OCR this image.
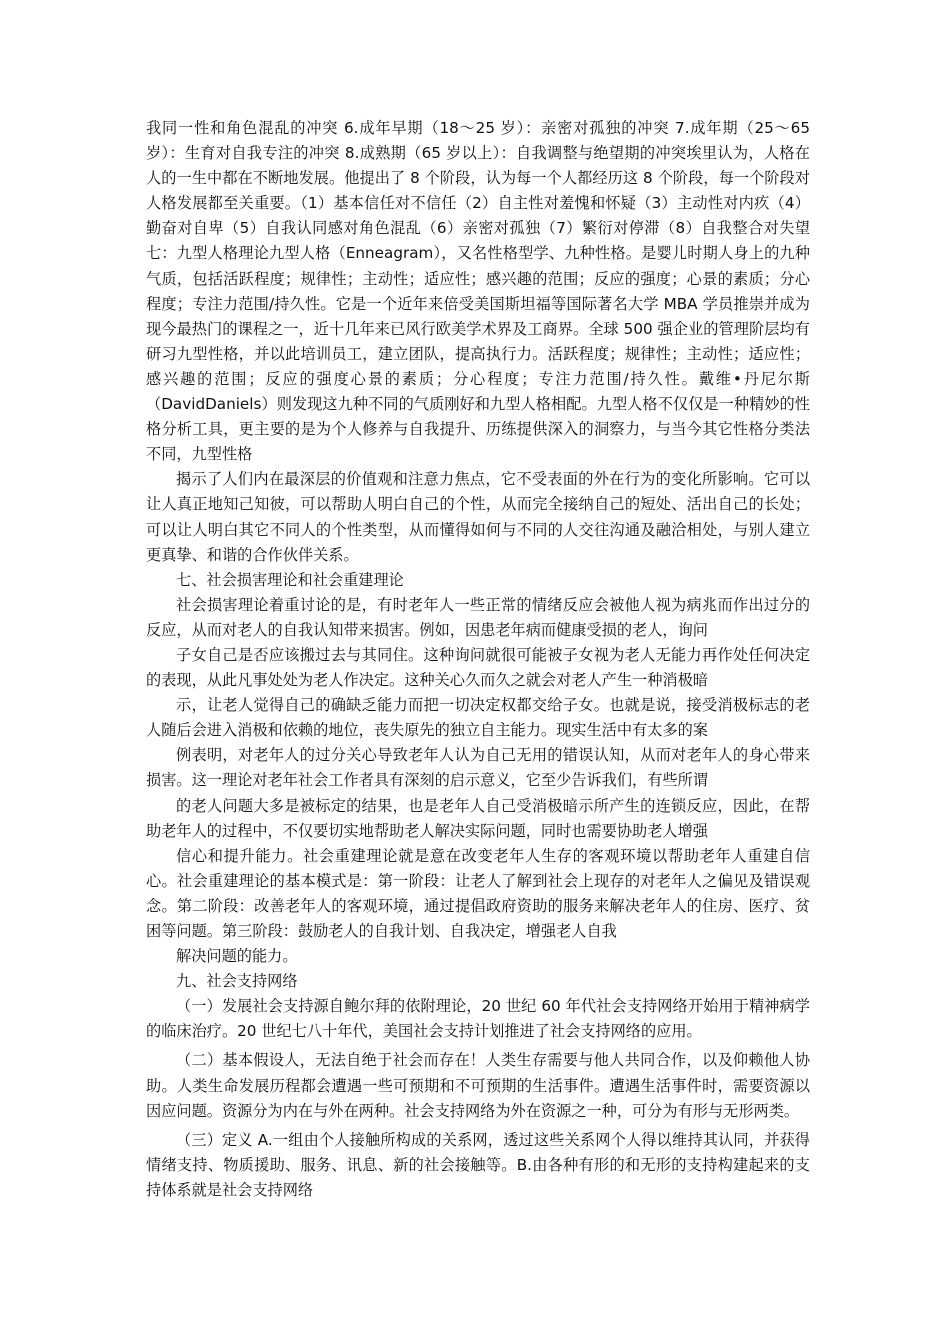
我同一性和角色混乱的冲突 6.成年早期（18～25 岁）：亲密对孤独的冲突 7.成年期（25～65 岁）：生育对自我专注的冲突 8.成熟期（65 岁以上）：自我调整与绝望期的冲突埃里认为，人格在人的一生中都在不断地发展。他提出了 8 个阶段，认为每一个人都经历这 8 个阶段，每一个阶段对人格发展都至关重要。（1）基本信任对不信任（2）自主性对羞愧和怀疑（3）主动性对内疚（4）勤奋对自卑（5）自我认同感对角色混乱（6）亲密对孤独（7）繁衍对停滞（8）自我整合对失望七：九型人格理论九型人格（Enneagram），又名性格型学、九种性格。是婴儿时期人身上的九种气质，包括活跃程度；规律性；主动性；适应性；感兴趣的范围；反应的强度；心景的素质；分心程度；专注力范围/持久性。它是一个近年来倍受美国斯坦福等国际著名大学 MBA 学员推崇并成为现今最热门的课程之一，近十几年来已风行欧美学术界及工商界。全球 500 强企业的管理阶层均有研习九型性格，并以此培训员工，建立团队，提高执行力。活跃程度；规律性；主动性；适应性；感兴趣的范围；反应的强度心景的素质；分心程度；专注力范围/持久性。戴维•丹尼尔斯（DavidDaniels）则发现这九种不同的气质刚好和九型人格相配。九型人格不仅仅是一种精妙的性格分析工具，更主要的是为个人修养与自我提升、历练提供深入的洞察力，与当今其它性格分类法不同，九型性格

揭示了人们内在最深层的价值观和注意力焦点，它不受表面的外在行为的变化所影响。它可以让人真正地知己知彼，可以帮助人明白自己的个性，从而完全接纳自己的短处、活出自己的长处；可以让人明白其它不同人的个性类型，从而懂得如何与不同的人交往沟通及融洽相处，与别人建立更真挚、和谐的合作伙伴关系。

七、社会损害理论和社会重建理论

社会损害理论着重讨论的是，有时老年人一些正常的情绪反应会被他人视为病兆而作出过分的反应，从而对老人的自我认知带来损害。例如，因患老年病而健康受损的老人，询问

子女自己是否应该搬过去与其同住。这种询问就很可能被子女视为老人无能力再作处任何决定的表现，从此凡事处处为老人作决定。这种关心久而久之就会对老人产生一种消极暗

示，让老人觉得自己的确缺乏能力而把一切决定权都交给子女。也就是说，接受消极标志的老人随后会进入消极和依赖的地位，丧失原先的独立自主能力。现实生活中有太多的案

例表明，对老年人的过分关心导致老年人认为自己无用的错误认知，从而对老年人的身心带来损害。这一理论对老年社会工作者具有深刻的启示意义，它至少告诉我们，有些所谓

的老人问题大多是被标定的结果，也是老年人自己受消极暗示所产生的连锁反应，因此，在帮助老年人的过程中，不仅要切实地帮助老人解决实际问题，同时也需要协助老人增强

信心和提升能力。社会重建理论就是意在改变老年人生存的客观环境以帮助老年人重建自信心。社会重建理论的基本模式是：第一阶段：让老人了解到社会上现存的对老年人之偏见及错误观念。第二阶段：改善老年人的客观环境，通过提倡政府资助的服务来解决老年人的住房、医疗、贫困等问题。第三阶段：鼓励老人的自我计划、自我决定，增强老人自我

解决问题的能力。

九、社会支持网络

（一）发展社会支持源自鲍尔拜的依附理论，20 世纪 60 年代社会支持网络开始用于精神病学的临床治疗。20 世纪七八十年代，美国社会支持计划推进了社会支持网络的应用。

（二）基本假设人，无法自绝于社会而存在！人类生存需要与他人共同合作，以及仰赖他人协助。人类生命发展历程都会遭遇一些可预期和不可预期的生活事件。遭遇生活事件时，需要资源以因应问题。资源分为内在与外在两种。社会支持网络为外在资源之一种，可分为有形与无形两类。

（三）定义 A.一组由个人接触所构成的关系网，透过这些关系网个人得以维持其认同，并获得情绪支持、物质援助、服务、讯息、新的社会接触等。B.由各种有形的和无形的支持构建起来的支持体系就是社会支持网络
